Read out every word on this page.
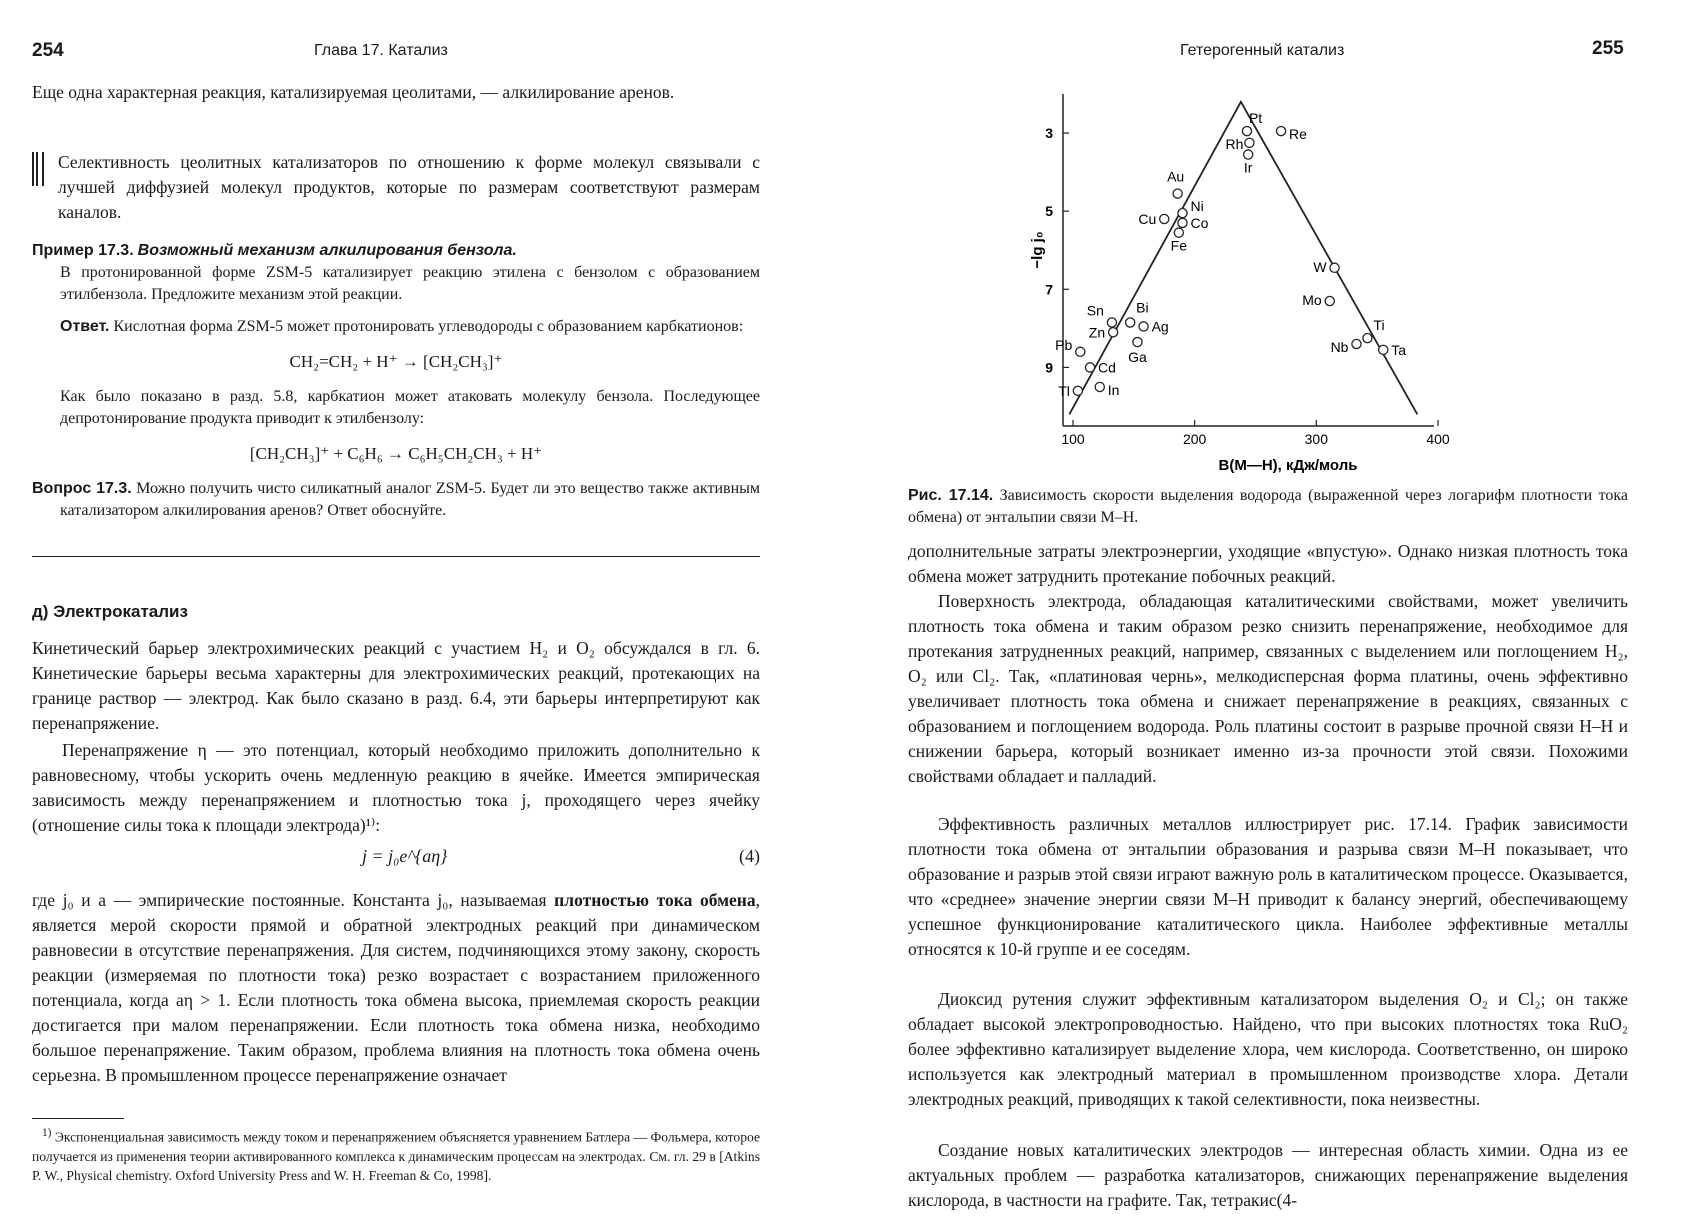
254	Глава 17. Катализ

Еще одна характерная реакция, катализируемая цеолитами, — алкилирование аренов.

Селективность цеолитных катализаторов по отношению к форме молекул связывали с лучшей диффузией молекул продуктов, которые по размерам соответствуют размерам каналов.

Пример 17.3. Возможный механизм алкилирования бензола.

В протонированной форме ZSM-5 катализирует реакцию этилена с бензолом с образованием этилбензола. Предложите механизм этой реакции.

Ответ. Кислотная форма ZSM-5 может протонировать углеводороды с образованием карбкатионов:

CH₂=CH₂ + H⁺ → [CH₂CH₃]⁺

Как было показано в разд. 5.8, карбкатион может атаковать молекулу бензола. Последующее депротонирование продукта приводит к этилбензолу:

[CH₂CH₃]⁺ + C₆H₆ → C₆H₅CH₂CH₃ + H⁺

Вопрос 17.3. Можно получить чисто силикатный аналог ZSM-5. Будет ли это вещество также активным катализатором алкилирования аренов? Ответ обоснуйте.

д) Электрокатализ

Кинетический барьер электрохимических реакций с участием H₂ и O₂ обсуждался в гл. 6. Кинетические барьеры весьма характерны для электрохимических реакций, протекающих на границе раствор — электрод. Как было сказано в разд. 6.4, эти барьеры интерпретируют как перенапряжение.

Перенапряжение η — это потенциал, который необходимо приложить дополнительно к равновесному, чтобы ускорить очень медленную реакцию в ячейке. Имеется эмпирическая зависимость между перенапряжением и плотностью тока j, проходящего через ячейку (отношение силы тока к площади электрода)¹⁾:

j = j₀e^{aη}	(4)

где j₀ и a — эмпирические постоянные. Константа j₀, называемая плотностью тока обмена, является мерой скорости прямой и обратной электродных реакций при динамическом равновесии в отсутствие перенапряжения. Для систем, подчиняющихся этому закону, скорость реакции (измеряемая по плотности тока) резко возрастает с возрастанием приложенного потенциала, когда aη > 1. Если плотность тока обмена высока, приемлемая скорость реакции достигается при малом перенапряжении. Если плотность тока обмена низка, необходимо большое перенапряжение. Таким образом, проблема влияния на плотность тока обмена очень серьезна. В промышленном процессе перенапряжение означает

$^{1)}$ Экспоненциальная зависимость между током и перенапряжением объясняется уравнением Батлера — Фольмера, которое получается из применения теории активированного комплекса к динамическим процессам на электродах. См. гл. 29 в [Atkins P. W., Physical chemistry. Oxford University Press and W. H. Freeman & Co, 1998].

Гетерогенный катализ	255
100	200	300	400
3
5
7
9
Pt
Re
Rh
Ir
Au
Cu
Ni
Co
Fe
W
Mo
Sn Bi
Zn	Ag
Ga
Ti
Nb	Ta
Pb
Cd
Tl	In
−lg j₀
B(M—H), кДж/моль

Рис. 17.14. Зависимость скорости выделения водорода (выраженной через логарифм плотности тока обмена) от энтальпии связи M–H.

дополнительные затраты электроэнергии, уходящие «впустую». Однако низкая плотность тока обмена может затруднить протекание побочных реакций.

Поверхность электрода, обладающая каталитическими свойствами, может увеличить плотность тока обмена и таким образом резко снизить перенапряжение, необходимое для протекания затрудненных реакций, например, связанных с выделением или поглощением H₂, O₂ или Cl₂. Так, «платиновая чернь», мелкодисперсная форма платины, очень эффективно увеличивает плотность тока обмена и снижает перенапряжение в реакциях, связанных с образованием и поглощением водорода. Роль платины состоит в разрыве прочной связи H–H и снижении барьера, который возникает именно из-за прочности этой связи. Похожими свойствами обладает и палладий.

Эффективность различных металлов иллюстрирует рис. 17.14. График зависимости плотности тока обмена от энтальпии образования и разрыва связи M–H показывает, что образование и разрыв этой связи играют важную роль в каталитическом процессе. Оказывается, что «среднее» значение энергии связи M–H приводит к балансу энергий, обеспечивающему успешное функционирование каталитического цикла. Наиболее эффективные металлы относятся к 10-й группе и ее соседям.

Диоксид рутения служит эффективным катализатором выделения O₂ и Cl₂; он также обладает высокой электропроводностью. Найдено, что при высоких плотностях тока RuO₂ более эффективно катализирует выделение хлора, чем кислорода. Соответственно, он широко используется как электродный материал в промышленном производстве хлора. Детали электродных реакций, приводящих к такой селективности, пока неизвестны.

Создание новых каталитических электродов — интересная область химии. Одна из ее актуальных проблем — разработка катализаторов, снижающих перенапряжение выделения кислорода, в частности на графите. Так, тетракис(4-
